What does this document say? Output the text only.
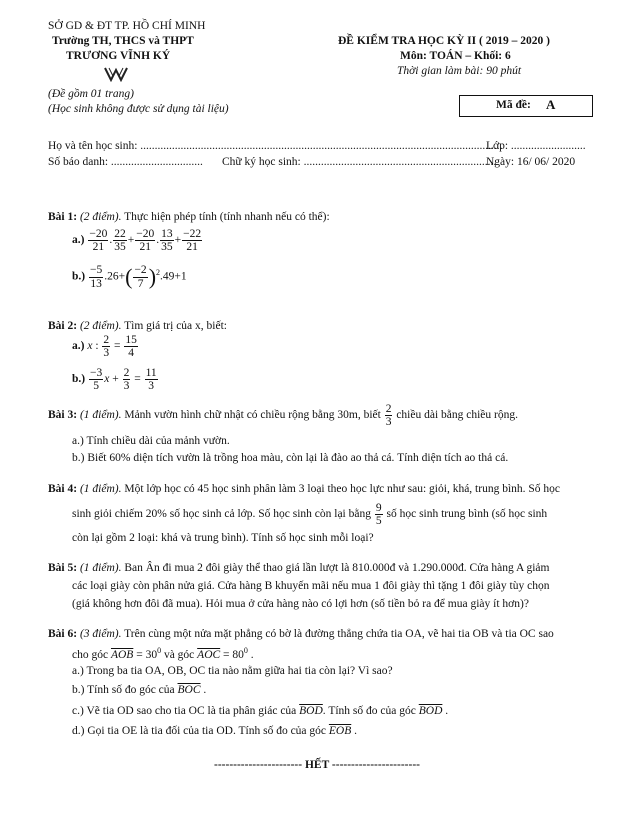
SỞ GD & ĐT TP. HỒ CHÍ MINH
Trường TH, THCS và THPT
TRƯƠNG VĨNH KÝ
(Đề gồm 01 trang)
(Học sinh không được sử dụng tài liệu)
ĐỀ KIỂM TRA HỌC KỲ II ( 2019 – 2020 )
Môn: TOÁN – Khối: 6
Thời gian làm bài: 90 phút
Mã đề: A
Họ và tên học sinh: ..............................................................................................................................
Lớp: ..........................
Số báo danh: ................................ Chữ ký học sinh: ...................................................................
Ngày: 16/ 06/ 2020
Bài 1: (2 điểm). Thực hiện phép tính (tính nhanh nếu có thể):
$a.) \frac{-20}{21}$ . $\frac{22}{35} + \frac{-20}{21}$ . $\frac{13}{35} + \frac{-22}{21}$
$b.) \frac{-5}{13} .26+( \frac{-2}{7} )^2.49+1$
Bài 2: (2 điểm). Tìm giá trị của x, biết:
a.) x : $\frac{2}{3} = \frac{15}{4}$
$b.) \frac{-3}{5}$ $x + \frac{2}{3} = \frac{11}{3}$
Bài 3: (1 điểm). Mảnh vườn hình chữ nhật có chiều rộng bằng 30m, biết $\frac{2}{3}$ chiều dài bằng chiều rộng.
a.) Tính chiều dài của mảnh vườn.
b.) Biết 60% diện tích vườn là trồng hoa màu, còn lại là đào ao thả cá. Tính diện tích ao thả cá.
Bài 4: (1 điểm). Một lớp học có 45 học sinh phân làm 3 loại theo học lực như sau: giỏi, khá, trung bình. Số học
sinh giỏi chiếm 20% số học sinh cả lớp. Số học sinh còn lại bằng $\frac{9}{5}$ số học sinh trung bình (số học sinh
còn lại gồm 2 loại: khá và trung bình). Tính số học sinh mỗi loại?
Bài 5: (1 điểm). Ban Ân đi mua 2 đôi giày thể thao giá lần lượt là 810.000đ và 1.290.000đ. Cửa hàng A giảm
các loại giày còn phân nửa giá. Cửa hàng B khuyến mãi nếu mua 1 đôi giày thì tặng 1 đôi giày tùy chọn
(giá không hơn đôi đã mua). Hỏi mua ở cửa hàng nào có lợi hơn (số tiền bỏ ra để mua giày ít hơn)?
Bài 6: (3 điểm). Trên cùng một nửa mặt phẳng có bờ là đường thẳng chứa tia OA, vẽ hai tia OB và tia OC sao
cho góc $\overline{AOB} = 30^0$ và góc $\overline{AOC} = 80^0$ .
a.) Trong ba tia OA, OB, OC tia nào nằm giữa hai tia còn lại? Vì sao?
b.) Tính số đo góc của $\overline{BOC}$ .
c.) Vẽ tia OD sao cho tia OC là tia phân giác của $\overline{BOD}$. Tính số đo của góc $\overline{BOD}$ .
d.) Gọi tia OE là tia đối của tia OD. Tính số đo của góc $\overline{EOB}$ .
----------------------- HẾT -----------------------
